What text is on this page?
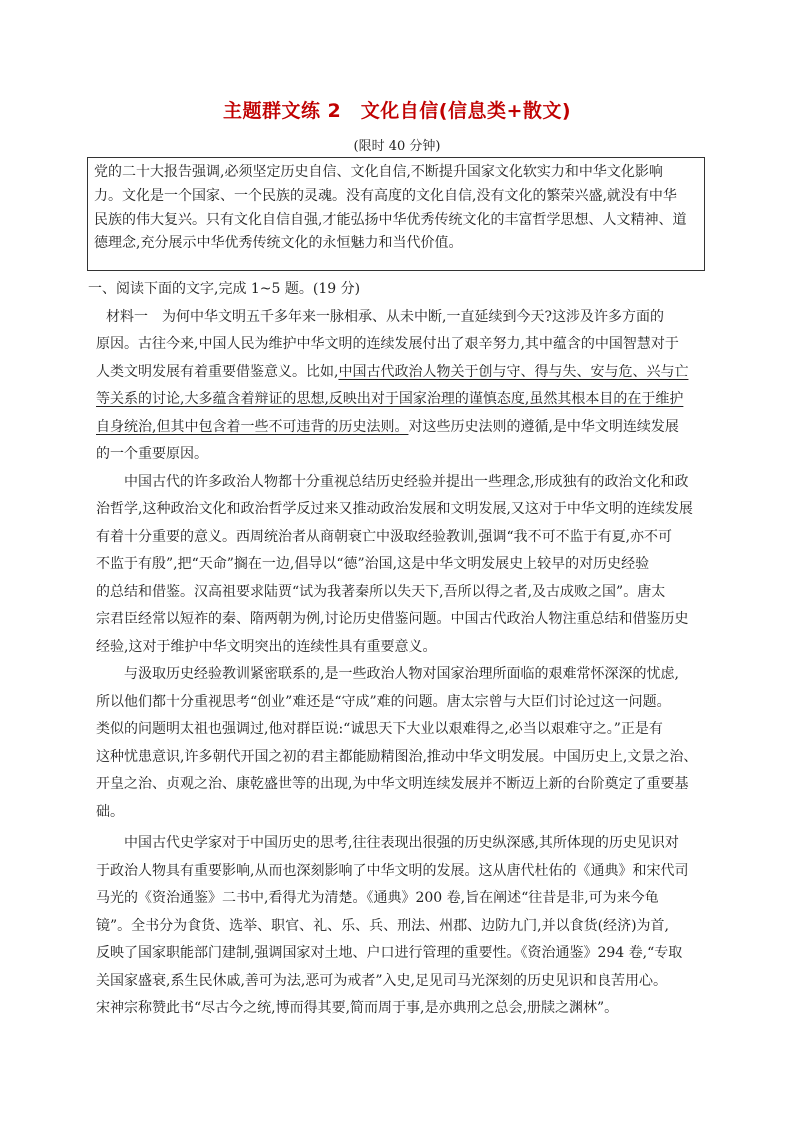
主题群文练 2　文化自信(信息类+散文)
(限时 40 分钟)
党的二十大报告强调,必须坚定历史自信、文化自信,不断提升国家文化软实力和中华文化影响
力。文化是一个国家、一个民族的灵魂。没有高度的文化自信,没有文化的繁荣兴盛,就没有中华
民族的伟大复兴。只有文化自信自强,才能弘扬中华优秀传统文化的丰富哲学思想、人文精神、道
德理念,充分展示中华优秀传统文化的永恒魅力和当代价值。
一、阅读下面的文字,完成 1~5 题。(19 分)
材料一　为何中华文明五千多年来一脉相承、从未中断,一直延续到今天?这涉及许多方面的
原因。古往今来,中国人民为维护中华文明的连续发展付出了艰辛努力,其中蕴含的中国智慧对于
人类文明发展有着重要借鉴意义。比如,中国古代政治人物关于创与守、得与失、安与危、兴与亡
等关系的讨论,大多蕴含着辩证的思想,反映出对于国家治理的谨慎态度,虽然其根本目的在于维护
自身统治,但其中包含着一些不可违背的历史法则。对这些历史法则的遵循,是中华文明连续发展
的一个重要原因。
中国古代的许多政治人物都十分重视总结历史经验并提出一些理念,形成独有的政治文化和政
治哲学,这种政治文化和政治哲学反过来又推动政治发展和文明发展,又这对于中华文明的连续发展
有着十分重要的意义。西周统治者从商朝衰亡中汲取经验教训,强调“我不可不监于有夏,亦不可
不监于有殷”,把“天命”搁在一边,倡导以“德”治国,这是中华文明发展史上较早的对历史经验
的总结和借鉴。汉高祖要求陆贾“试为我著秦所以失天下,吾所以得之者,及古成败之国”。唐太
宗君臣经常以短祚的秦、隋两朝为例,讨论历史借鉴问题。中国古代政治人物注重总结和借鉴历史
经验,这对于维护中华文明突出的连续性具有重要意义。
与汲取历史经验教训紧密联系的,是一些政治人物对国家治理所面临的艰难常怀深深的忧虑,
所以他们都十分重视思考“创业”难还是“守成”难的问题。唐太宗曾与大臣们讨论过这一问题。
类似的问题明太祖也强调过,他对群臣说:“诚思天下大业以艰难得之,必当以艰难守之。”正是有
这种忧患意识,许多朝代开国之初的君主都能励精图治,推动中华文明发展。中国历史上,文景之治、
开皇之治、贞观之治、康乾盛世等的出现,为中华文明连续发展并不断迈上新的台阶奠定了重要基
础。
中国古代史学家对于中国历史的思考,往往表现出很强的历史纵深感,其所体现的历史见识对
于政治人物具有重要影响,从而也深刻影响了中华文明的发展。这从唐代杜佑的《通典》和宋代司
马光的《资治通鉴》二书中,看得尤为清楚。《通典》200 卷,旨在阐述“往昔是非,可为来今龟
镜”。全书分为食货、选举、职官、礼、乐、兵、刑法、州郡、边防九门,并以食货(经济)为首,
反映了国家职能部门建制,强调国家对土地、户口进行管理的重要性。《资治通鉴》294 卷,“专取
关国家盛衰,系生民休戚,善可为法,恶可为戒者”入史,足见司马光深刻的历史见识和良苦用心。
宋神宗称赞此书“尽古今之统,博而得其要,简而周于事,是亦典刑之总会,册牍之渊林”。
